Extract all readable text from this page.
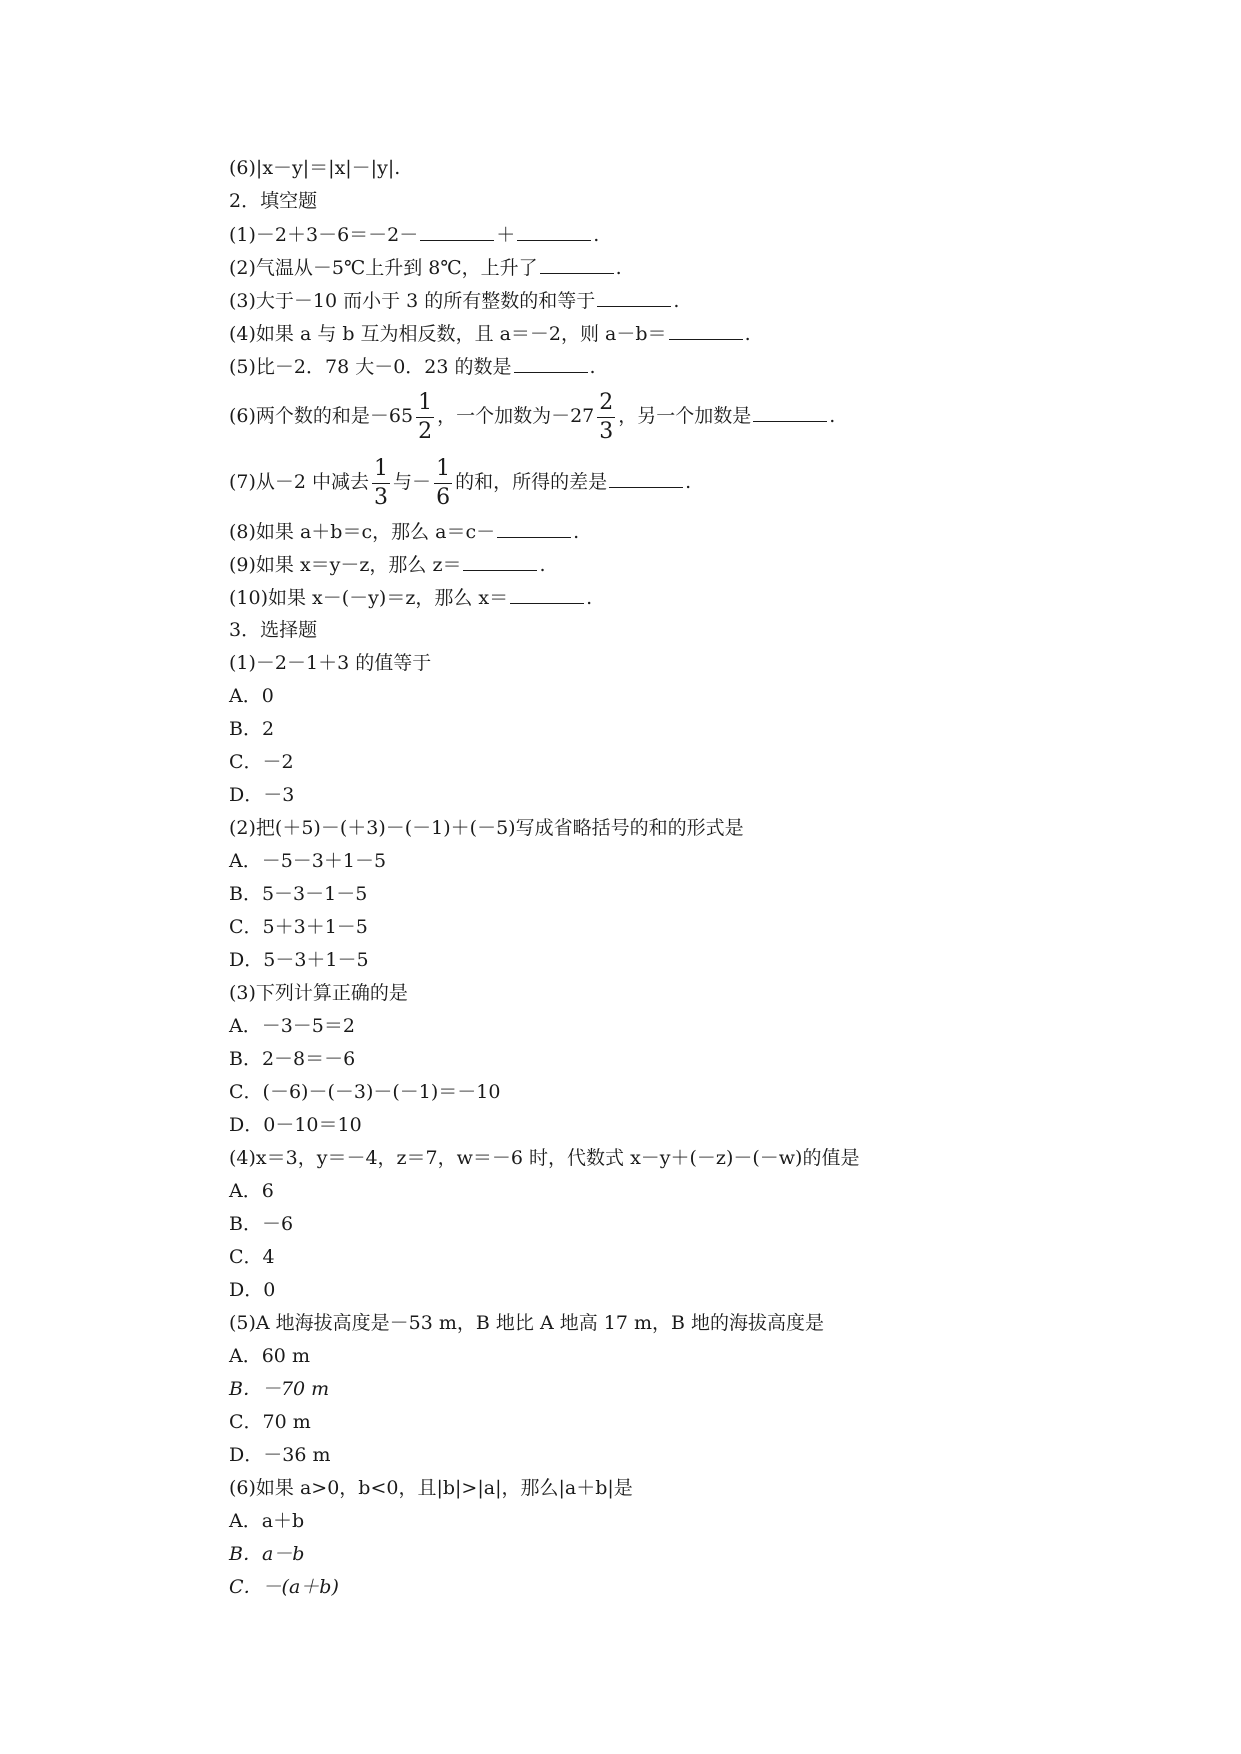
(6)|x－y|＝|x|－|y|.
2．填空题
(1)－2＋3－6＝－2－	＋	.
(2)气温从－5℃上升到 8℃，上升了	.
(3)大于－10 而小于 3 的所有整数的和等于	.
(4)如果 a 与 b 互为相反数，且 a＝－2，则 a－b＝	.
(5)比－2．78 大－0．23 的数是	.
(6)两个数的和是$-65 \frac{1}{2}$ ，一个加数为$-27 \frac{2}{3}$ ，另一个加数是	.
(7)从－2 中减去 $\frac{1}{3}$ 与－ $\frac{1}{6}$ 的和，所得的差是	.
(8)如果 a＋b＝c，那么 a＝c－	.
(9)如果 x＝y－z，那么 z＝	.
(10)如果 x－(－y)＝z，那么 x＝	.
3．选择题
(1)－2－1＋3 的值等于
A．0
B．2
C．－2
D．－3
(2)把(＋5)－(＋3)－(－1)＋(－5)写成省略括号的和的形式是
A．－5－3＋1－5
B．5－3－1－5
C．5＋3＋1－5
D．5－3＋1－5
(3)下列计算正确的是
A．－3－5＝2
B．2－8＝－6
C．(－6)－(－3)－(－1)＝－10
D．0－10＝10
(4)x＝3，y＝－4，z＝7，w＝－6 时，代数式 x－y＋(－z)－(－w)的值是
A．6
B．－6
C．4
D．0
(5)A 地海拔高度是－53 m，B 地比 A 地高 17 m，B 地的海拔高度是
A．60 m
B．－70 m
C．70 m
D．－36 m
(6)如果 a>0，b<0，且|b|>|a|，那么|a＋b|是
A．a＋b
B．a－b
C．－(a＋b)
